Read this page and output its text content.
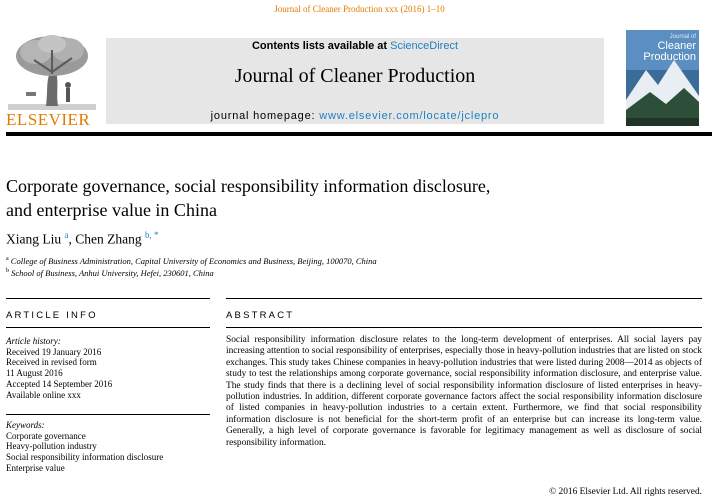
Journal of Cleaner Production xxx (2016) 1–10
ELSEVIER
Contents lists available at ScienceDirect
Journal of Cleaner Production
journal homepage: www.elsevier.com/locate/jclepro
Journal of
Cleaner
Production
Corporate governance, social responsibility information disclosure,
and enterprise value in China
Xiang Liu $^a$, Chen Zhang $^{b, *}$
$^a$ College of Business Administration, Capital University of Economics and Business, Beijing, 100070, China
$^b$ School of Business, Anhui University, Hefei, 230601, China
ARTICLE INFO	ABSTRACT
Article history:
Received 19 January 2016
Received in revised form
11 August 2016
Accepted 14 September 2016
Available online xxx
Keywords:
Corporate governance
Heavy-pollution industry
Social responsibility information disclosure
Enterprise value
Social responsibility information disclosure relates to the long-term development of enterprises. All social layers pay increasing attention to social responsibility of enterprises, especially those in heavy-pollution industries that are listed on stock exchanges. This study takes Chinese companies in heavy-pollution industries that were listed during 2008—2014 as objects of study to test the relationships among corporate governance, social responsibility information disclosure, and enterprise value. The study finds that there is a declining level of social responsibility information disclosure of listed enterprises in heavy-pollution industries. In addition, different corporate governance factors affect the social responsibility information disclosure of listed companies in heavy-pollution industries to a certain extent. Furthermore, we find that social responsibility information disclosure is not beneficial for the short-term profit of an enterprise but can increase its long-term value. Generally, a high level of corporate governance is favorable for legitimacy management as well as disclosure of social responsibility information.
© 2016 Elsevier Ltd. All rights reserved.
